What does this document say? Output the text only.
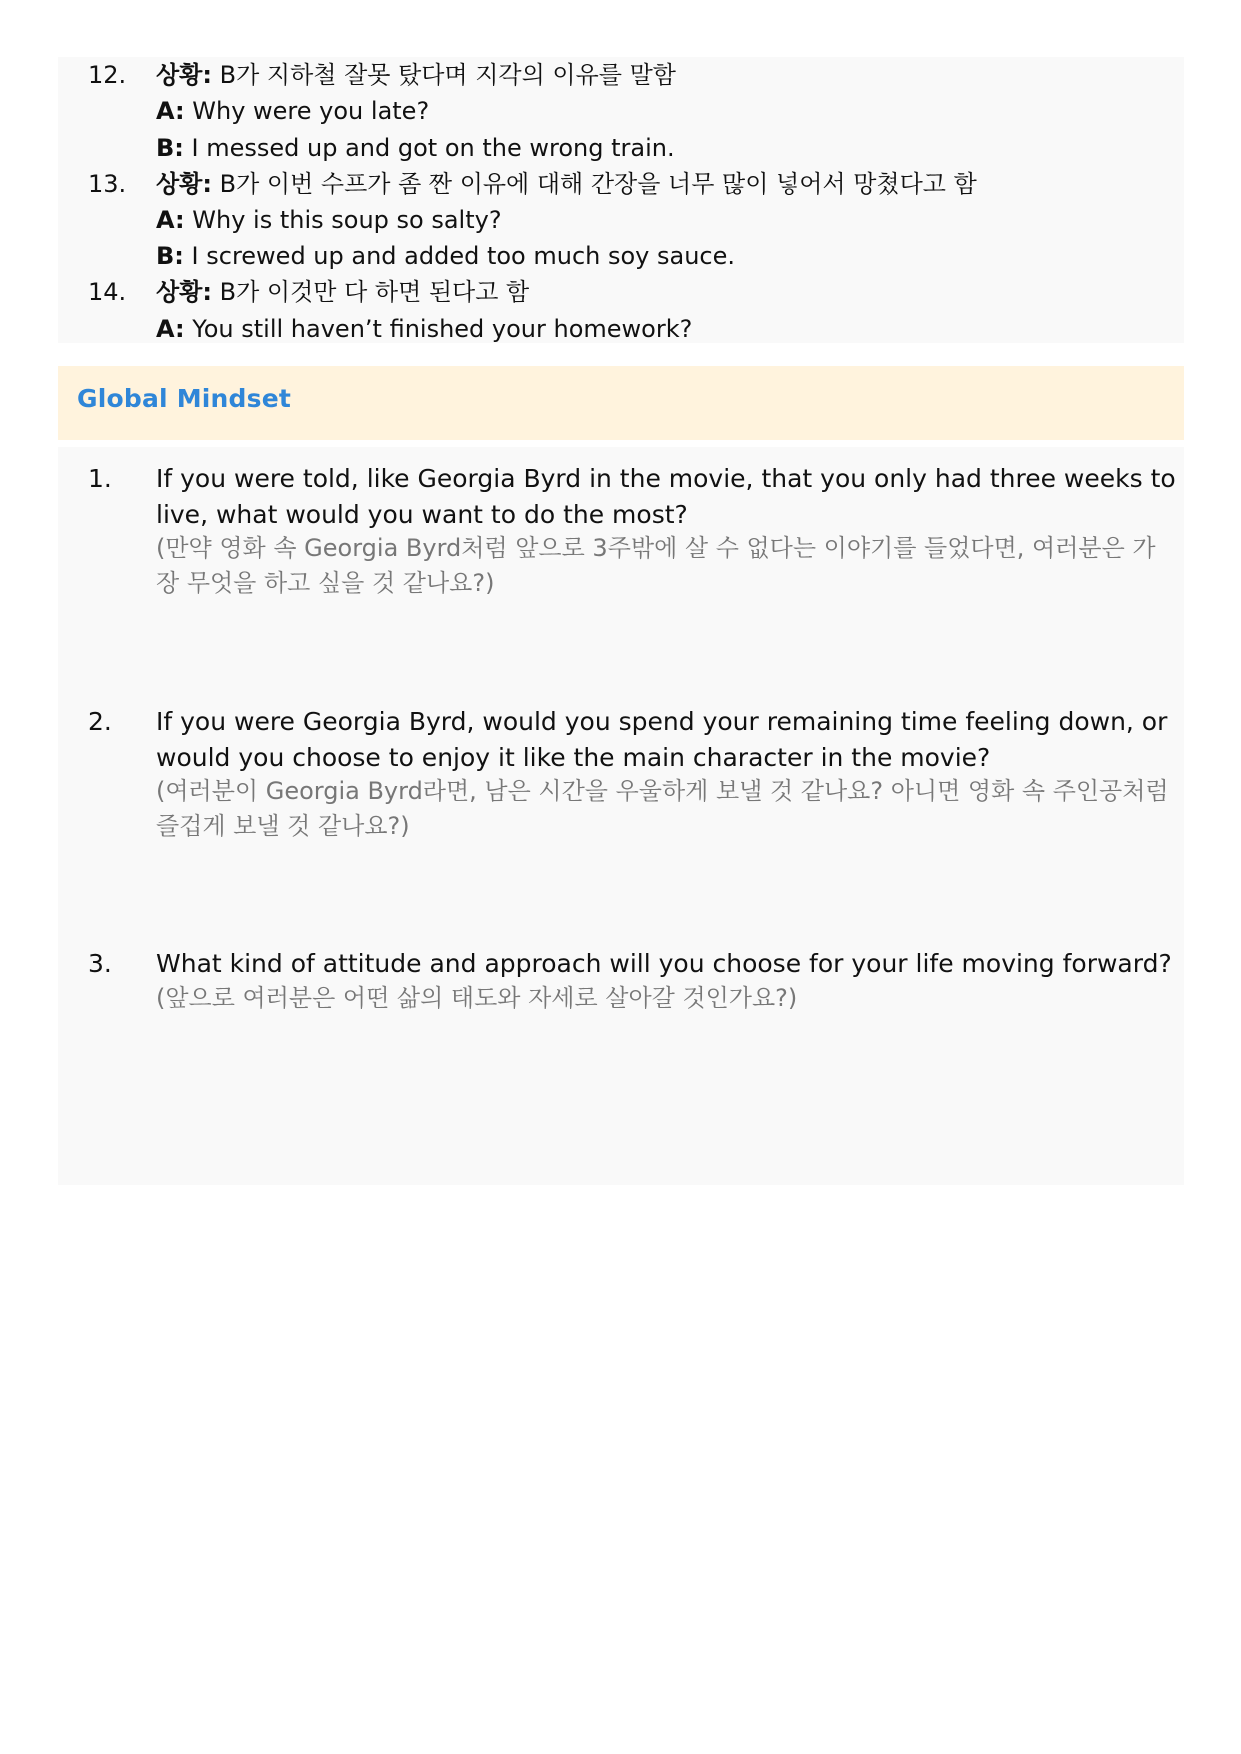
12. 상황: B가 지하철 잘못 탔다며 지각의 이유를 말함
A: Why were you late?
B: I messed up and got on the wrong train.
13. 상황: B가 이번 수프가 좀 짠 이유에 대해 간장을 너무 많이 넣어서 망쳤다고 함
A: Why is this soup so salty?
B: I screwed up and added too much soy sauce.
14. 상황: B가 이것만 다 하면 된다고 함
A: You still haven’t finished your homework?
Global Mindset
1. If you were told, like Georgia Byrd in the movie, that you only had three weeks to live, what would you want to do the most?
(만약 영화 속 Georgia Byrd처럼 앞으로 3주밖에 살 수 없다는 이야기를 들었다면, 여러분은 가장 무엇을 하고 싶을 것 같나요?)
2. If you were Georgia Byrd, would you spend your remaining time feeling down, or would you choose to enjoy it like the main character in the movie?
(여러분이 Georgia Byrd라면, 남은 시간을 우울하게 보낼 것 같나요? 아니면 영화 속 주인공처럼 즐겁게 보낼 것 같나요?)
3. What kind of attitude and approach will you choose for your life moving forward?
(앞으로 여러분은 어떤 삶의 태도와 자세로 살아갈 것인가요?)
